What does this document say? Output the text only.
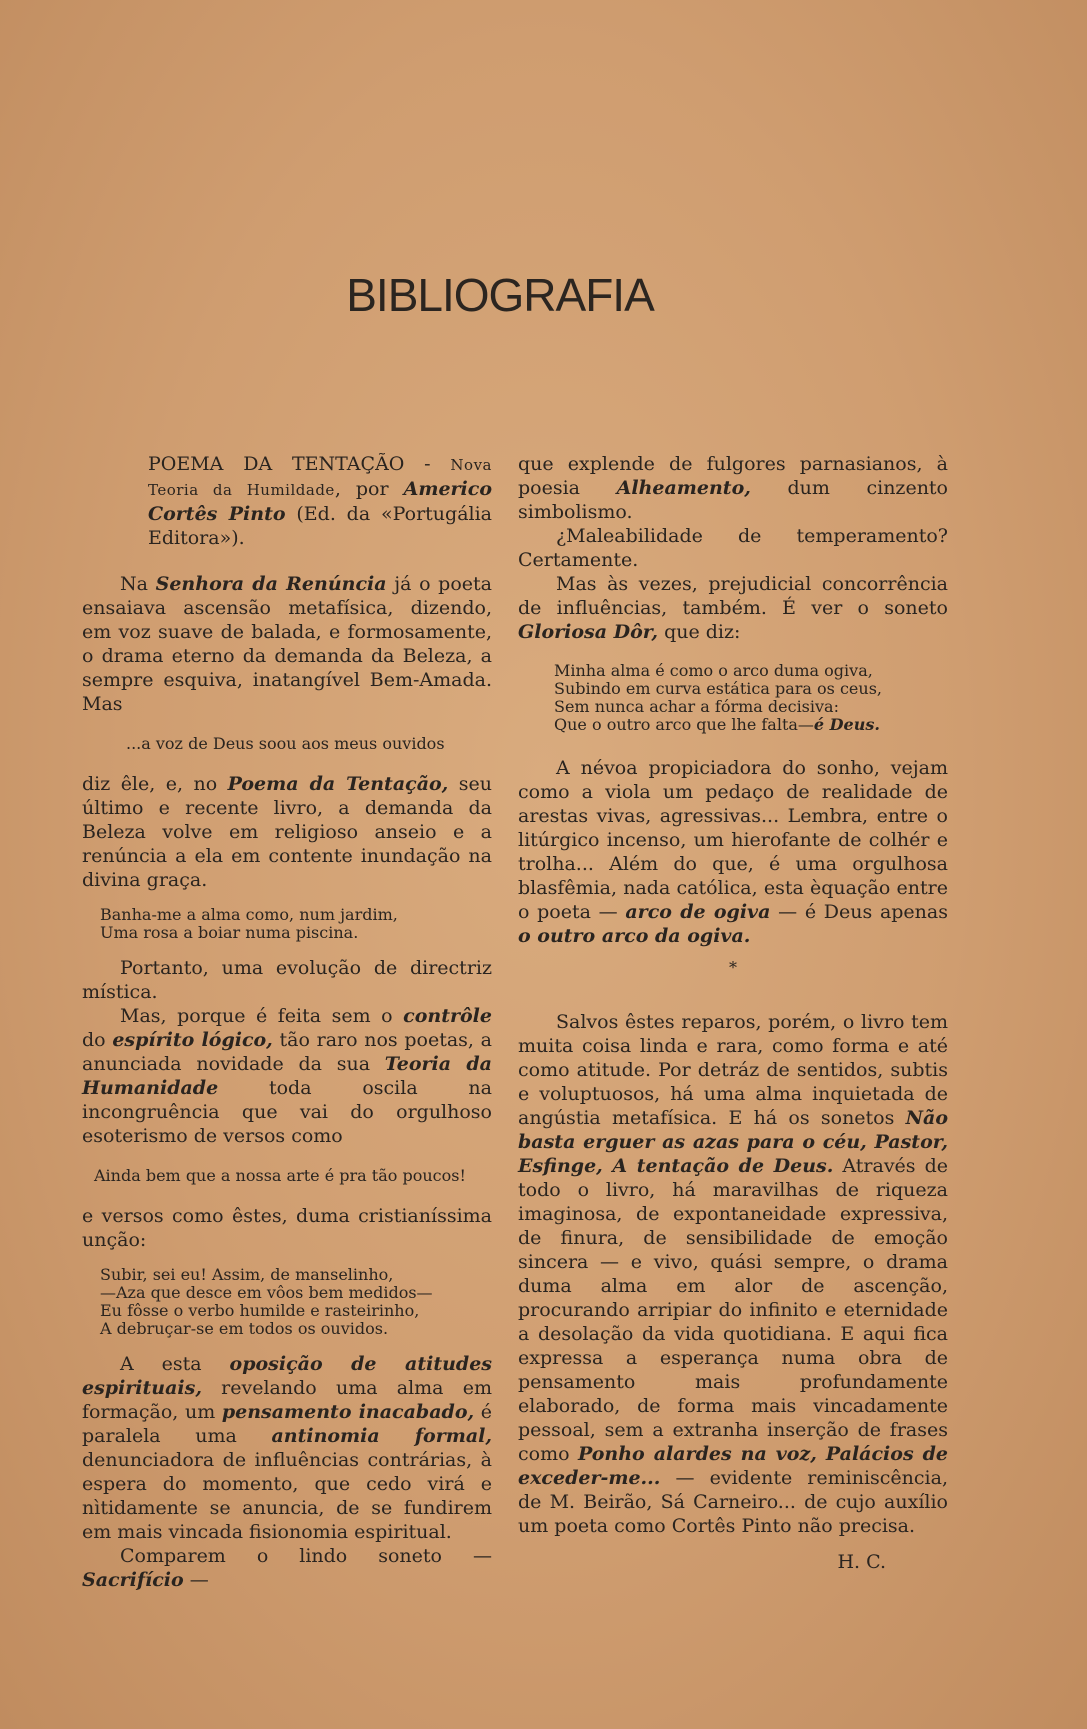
BIBLIOGRAFIA

POEMA DA TENTAÇÃO - Nova Teoria da Humildade, por Americo Cortês Pinto (Ed. da «Portugália Editora»).

Na Senhora da Renúncia já o poeta ensaiava ascensão metafísica, dizendo, em voz suave de balada, e formosamente, o drama eterno da demanda da Beleza, a sempre esquiva, inatangível Bem-Amada. Mas

...a voz de Deus soou aos meus ouvidos

diz êle, e, no Poema da Tentação, seu último e recente livro, a demanda da Beleza volve em religioso anseio e a renúncia a ela em contente inundação na divina graça.

Banha-me a alma como, num jardim,
Uma rosa a boiar numa piscina.

Portanto, uma evolução de directriz mística.

Mas, porque é feita sem o contrôle do espírito lógico, tão raro nos poetas, a anunciada novidade da sua Teoria da Humanidade toda oscila na incongruência que vai do orgulhoso esoterismo de versos como

Ainda bem que a nossa arte é pra tão poucos!

e versos como êstes, duma cristianíssima unção:

Subir, sei eu! Assim, de manselinho,
—Aza que desce em vôos bem medidos—
Eu fôsse o verbo humilde e rasteirinho,
A debruçar-se em todos os ouvidos.

A esta oposição de atitudes espirituais, revelando uma alma em formação, um pensamento inacabado, é paralela uma antinomia formal, denunciadora de influências contrárias, à espera do momento, que cedo virá e nìtidamente se anuncia, de se fundirem em mais vincada fisionomia espiritual.

Comparem o lindo soneto — Sacrifício —

que explende de fulgores parnasianos, à poesia Alheamento, dum cinzento simbolismo.

¿Maleabilidade de temperamento? Certamente.

Mas às vezes, prejudicial concorrência de influências, também. É ver o soneto Gloriosa Dôr, que diz:

Minha alma é como o arco duma ogiva,
Subindo em curva estática para os ceus,
Sem nunca achar a fórma decisiva:
Que o outro arco que lhe falta—é Deus.

A névoa propiciadora do sonho, vejam como a viola um pedaço de realidade de arestas vivas, agressivas... Lembra, entre o litúrgico incenso, um hierofante de colhér e trolha... Além do que, é uma orgulhosa blasfêmia, nada católica, esta èquação entre o poeta — arco de ogiva — é Deus apenas o outro arco da ogiva.

*

Salvos êstes reparos, porém, o livro tem muita coisa linda e rara, como forma e até como atitude. Por detráz de sentidos, subtis e voluptuosos, há uma alma inquietada de angústia metafísica. E há os sonetos Não basta erguer as azas para o céu, Pastor, Esfinge, A tentação de Deus. Através de todo o livro, há maravilhas de riqueza imaginosa, de expontaneidade expressiva, de finura, de sensibilidade de emoção sincera — e vivo, quási sempre, o drama duma alma em alor de ascenção, procurando arripiar do infinito e eternidade a desolação da vida quotidiana. E aqui fica expressa a esperança numa obra de pensamento mais profundamente elaborado, de forma mais vincadamente pessoal, sem a extranha inserção de frases como Ponho alardes na voz, Palácios de exceder-me... — evidente reminiscência, de M. Beirão, Sá Carneiro... de cujo auxílio um poeta como Cortês Pinto não precisa.

H. C.
